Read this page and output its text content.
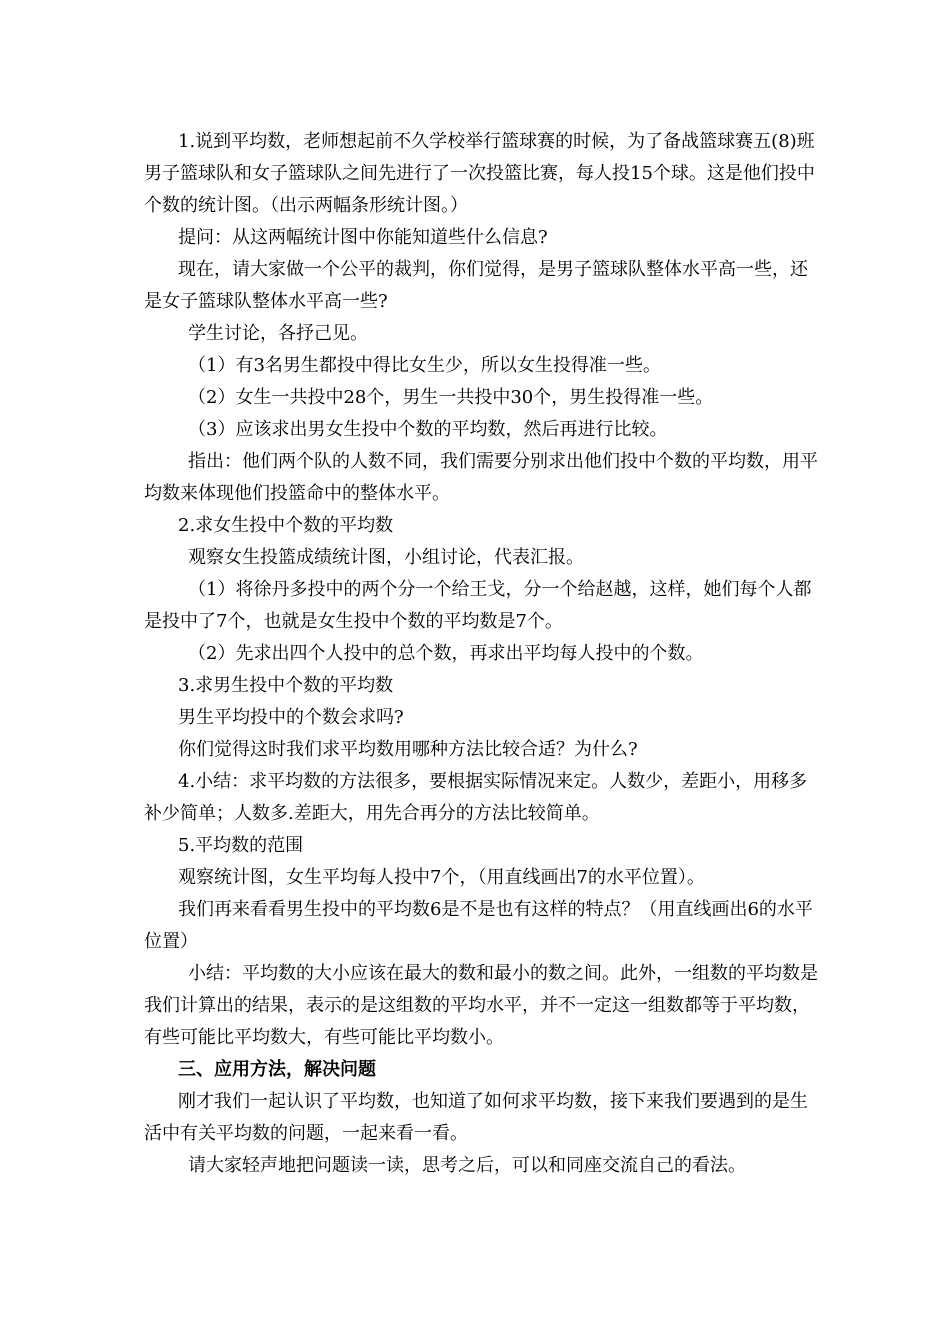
1.说到平均数，老师想起前不久学校举行篮球赛的时候，为了备战篮球赛五(8)班男子篮球队和女子篮球队之间先进行了一次投篮比赛，每人投15个球。这是他们投中个数的统计图。（出示两幅条形统计图。）

提问：从这两幅统计图中你能知道些什么信息?

现在，请大家做一个公平的裁判，你们觉得，是男子篮球队整体水平高一些，还是女子篮球队整体水平高一些?

学生讨论，各抒己见。

（1）有3名男生都投中得比女生少，所以女生投得准一些。

（2）女生一共投中28个，男生一共投中30个，男生投得准一些。

（3）应该求出男女生投中个数的平均数，然后再进行比较。

指出：他们两个队的人数不同，我们需要分别求出他们投中个数的平均数，用平均数来体现他们投篮命中的整体水平。

2.求女生投中个数的平均数

观察女生投篮成绩统计图，小组讨论，代表汇报。

（1）将徐丹多投中的两个分一个给王戈，分一个给赵越，这样，她们每个人都是投中了7个，也就是女生投中个数的平均数是7个。

（2）先求出四个人投中的总个数，再求出平均每人投中的个数。

3.求男生投中个数的平均数

男生平均投中的个数会求吗?

你们觉得这时我们求平均数用哪种方法比较合适？为什么?

4.小结：求平均数的方法很多，要根据实际情况来定。人数少，差距小，用移多补少简单；人数多.差距大，用先合再分的方法比较简单。

5.平均数的范围

观察统计图，女生平均每人投中7个，（用直线画出7的水平位置）。

我们再来看看男生投中的平均数6是不是也有这样的特点？（用直线画出6的水平位置）

小结：平均数的大小应该在最大的数和最小的数之间。此外，一组数的平均数是我们计算出的结果，表示的是这组数的平均水平，并不一定这一组数都等于平均数，有些可能比平均数大，有些可能比平均数小。

三、应用方法，解决问题

刚才我们一起认识了平均数，也知道了如何求平均数，接下来我们要遇到的是生活中有关平均数的问题，一起来看一看。

请大家轻声地把问题读一读，思考之后，可以和同座交流自己的看法。
